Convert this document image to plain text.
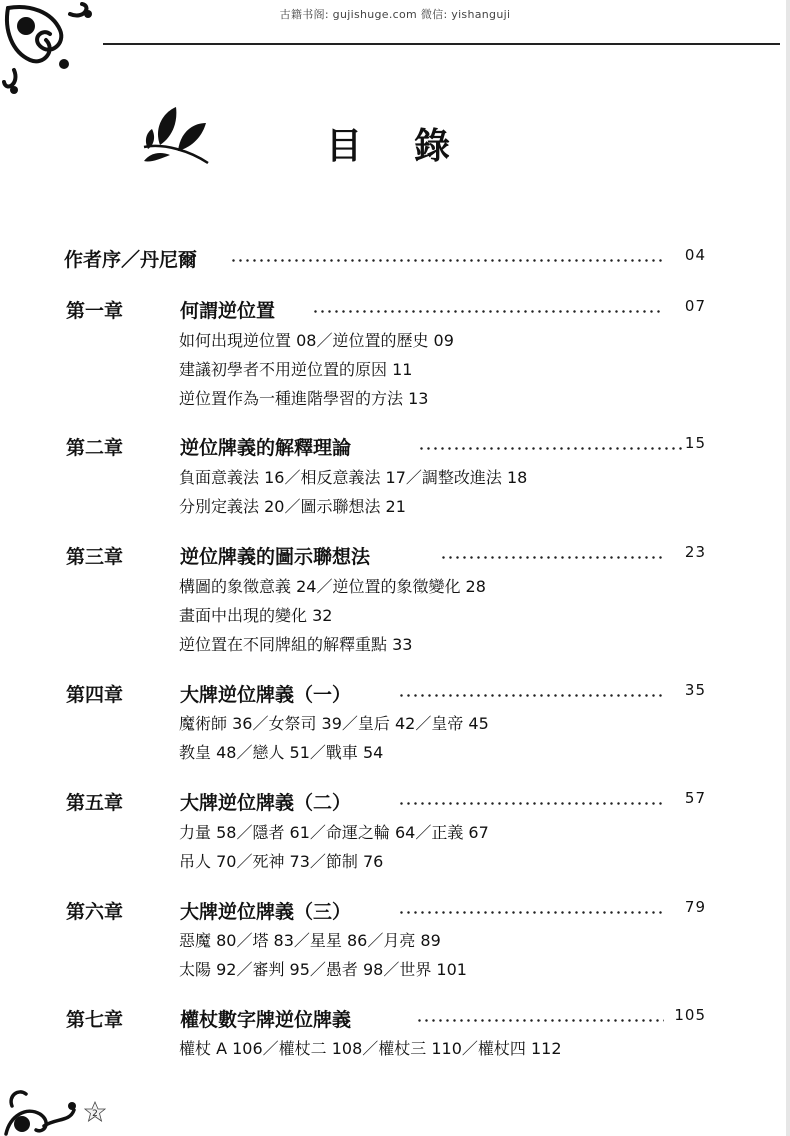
古籍书阁: gujishuge.com 微信: yishanguji
目錄
作者序／丹尼爾	04
第一章	何謂逆位置	07
如何出現逆位置 08／逆位置的歷史 09
建議初學者不用逆位置的原因 11
逆位置作為一種進階學習的方法 13
第二章	逆位牌義的解釋理論	15
負面意義法 16／相反意義法 17／調整改進法 18
分別定義法 20／圖示聯想法 21
第三章	逆位牌義的圖示聯想法	23
構圖的象徵意義 24／逆位置的象徵變化 28
畫面中出現的變化 32
逆位置在不同牌組的解釋重點 33
第四章	大牌逆位牌義（一）	35
魔術師 36／女祭司 39／皇后 42／皇帝 45
教皇 48／戀人 51／戰車 54
第五章	大牌逆位牌義（二）	57
力量 58／隱者 61／命運之輪 64／正義 67
吊人 70／死神 73／節制 76
第六章	大牌逆位牌義（三）	79
惡魔 80／塔 83／星星 86／月亮 89
太陽 92／審判 95／愚者 98／世界 101
第七章	權杖數字牌逆位牌義	105
權杖 A 106／權杖二 108／權杖三 110／權杖四 112
2
